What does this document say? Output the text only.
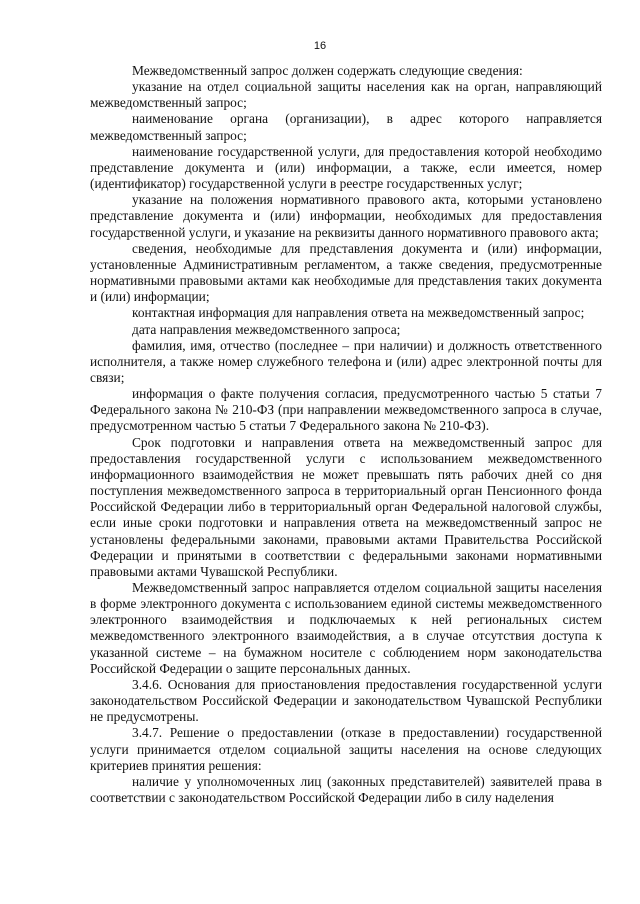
16

Межведомственный запрос должен содержать следующие сведения:

указание на отдел социальной защиты населения как на орган, направляющий межведомственный запрос;

наименование органа (организации), в адрес которого направляется межведомственный запрос;

наименование государственной услуги, для предоставления которой необходимо представление документа и (или) информации, а также, если имеется, номер (идентификатор) государственной услуги в реестре государственных услуг;

указание на положения нормативного правового акта, которыми установлено представление документа и (или) информации, необходимых для предоставления государственной услуги, и указание на реквизиты данного нормативного правового акта;

сведения, необходимые для представления документа и (или) информации, установленные Административным регламентом, а также сведения, предусмотренные нормативными правовыми актами как необходимые для представления таких документа и (или) информации;

контактная информация для направления ответа на межведомственный запрос;

дата направления межведомственного запроса;

фамилия, имя, отчество (последнее – при наличии) и должность ответственного исполнителя, а также номер служебного телефона и (или) адрес электронной почты для связи;

информация о факте получения согласия, предусмотренного частью 5 статьи 7 Федерального закона № 210-ФЗ (при направлении межведомственного запроса в случае, предусмотренном частью 5 статьи 7 Федерального закона № 210-ФЗ).

Срок подготовки и направления ответа на межведомственный запрос для предоставления государственной услуги с использованием межведомственного информационного взаимодействия не может превышать пять рабочих дней со дня поступления межведомственного запроса в территориальный орган Пенсионного фонда Российской Федерации либо в территориальный орган Федеральной налоговой службы, если иные сроки подготовки и направления ответа на межведомственный запрос не установлены федеральными законами, правовыми актами Правительства Российской Федерации и принятыми в соответствии с федеральными законами нормативными правовыми актами Чувашской Республики.

Межведомственный запрос направляется отделом социальной защиты населения в форме электронного документа с использованием единой системы межведомственного электронного взаимодействия и подключаемых к ней региональных систем межведомственного электронного взаимодействия, а в случае отсутствия доступа к указанной системе – на бумажном носителе с соблюдением норм законодательства Российской Федерации о защите персональных данных.

3.4.6. Основания для приостановления предоставления государственной услуги законодательством Российской Федерации и законодательством Чувашской Республики не предусмотрены.

3.4.7. Решение о предоставлении (отказе в предоставлении) государственной услуги принимается отделом социальной защиты населения на основе следующих критериев принятия решения:

наличие у уполномоченных лиц (законных представителей) заявителей права в соответствии с законодательством Российской Федерации либо в силу наделения
